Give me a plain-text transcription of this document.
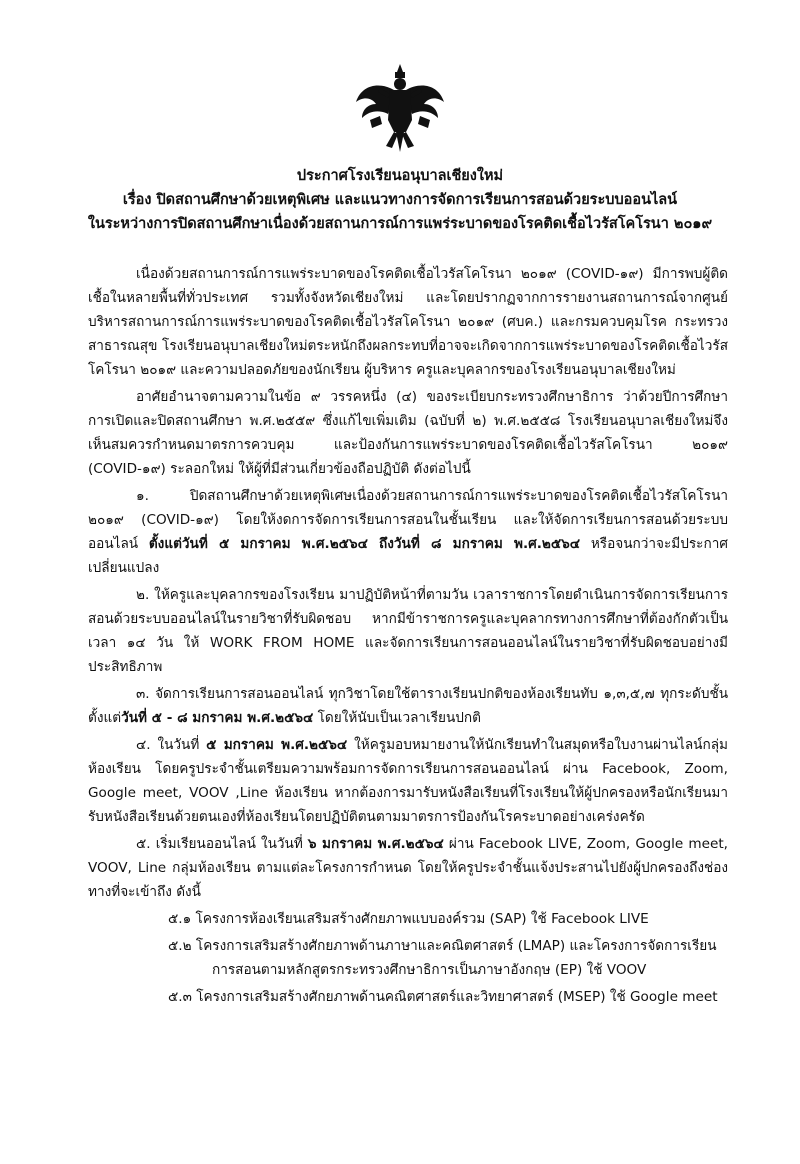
ประกาศโรงเรียนอนุบาลเชียงใหม่
เรื่อง ปิดสถานศึกษาด้วยเหตุพิเศษ และแนวทางการจัดการเรียนการสอนด้วยระบบออนไลน์
ในระหว่างการปิดสถานศึกษาเนื่องด้วยสถานการณ์การแพร่ระบาดของโรคติดเชื้อไวรัสโคโรนา ๒๐๑๙

เนื่องด้วยสถานการณ์การแพร่ระบาดของโรคติดเชื้อไวรัสโคโรนา ๒๐๑๙ (COVID-๑๙) มีการพบผู้ติดเชื้อในหลายพื้นที่ทั่วประเทศ รวมทั้งจังหวัดเชียงใหม่ และโดยปรากฏจากการรายงานสถานการณ์จากศูนย์บริหารสถานการณ์การแพร่ระบาดของโรคติดเชื้อไวรัสโคโรนา ๒๐๑๙ (ศบค.) และกรมควบคุมโรค กระทรวงสาธารณสุข โรงเรียนอนุบาลเชียงใหม่ตระหนักถึงผลกระทบที่อาจจะเกิดจากการแพร่ระบาดของโรคติดเชื้อไวรัสโคโรนา ๒๐๑๙ และความปลอดภัยของนักเรียน ผู้บริหาร ครูและบุคลากรของโรงเรียนอนุบาลเชียงใหม่

อาศัยอำนาจตามความในข้อ ๙ วรรคหนึ่ง (๔) ของระเบียบกระทรวงศึกษาธิการ ว่าด้วยปีการศึกษา การเปิดและปิดสถานศึกษา พ.ศ.๒๕๕๙ ซึ่งแก้ไขเพิ่มเติม (ฉบับที่ ๒) พ.ศ.๒๕๕๘ โรงเรียนอนุบาลเชียงใหม่จึงเห็นสมควรกำหนดมาตรการควบคุม และป้องกันการแพร่ระบาดของโรคติดเชื้อไวรัสโคโรนา ๒๐๑๙ (COVID-๑๙) ระลอกใหม่ ให้ผู้ที่มีส่วนเกี่ยวข้องถือปฏิบัติ ดังต่อไปนี้

๑. ปิดสถานศึกษาด้วยเหตุพิเศษเนื่องด้วยสถานการณ์การแพร่ระบาดของโรคติดเชื้อไวรัสโคโรนา ๒๐๑๙ (COVID-๑๙) โดยให้งดการจัดการเรียนการสอนในชั้นเรียน และให้จัดการเรียนการสอนด้วยระบบออนไลน์ ตั้งแต่วันที่ ๕ มกราคม พ.ศ.๒๕๖๔ ถึงวันที่ ๘ มกราคม พ.ศ.๒๕๖๔ หรือจนกว่าจะมีประกาศเปลี่ยนแปลง

๒. ให้ครูและบุคลากรของโรงเรียน มาปฏิบัติหน้าที่ตามวัน เวลาราชการโดยดำเนินการจัดการเรียนการสอนด้วยระบบออนไลน์ในรายวิชาที่รับผิดชอบ หากมีข้าราชการครูและบุคลากรทางการศึกษาที่ต้องกักตัวเป็นเวลา ๑๔ วัน ให้ WORK FROM HOME และจัดการเรียนการสอนออนไลน์ในรายวิชาที่รับผิดชอบอย่างมีประสิทธิภาพ

๓. จัดการเรียนการสอนออนไลน์ ทุกวิชาโดยใช้ตารางเรียนปกติของห้องเรียนทับ ๑,๓,๕,๗ ทุกระดับชั้น ตั้งแต่วันที่ ๕ - ๘ มกราคม พ.ศ.๒๕๖๔ โดยให้นับเป็นเวลาเรียนปกติ

๔. ในวันที่ ๕ มกราคม พ.ศ.๒๕๖๔ ให้ครูมอบหมายงานให้นักเรียนทำในสมุดหรือใบงานผ่านไลน์กลุ่มห้องเรียน โดยครูประจำชั้นเตรียมความพร้อมการจัดการเรียนการสอนออนไลน์ ผ่าน Facebook, Zoom, Google meet, VOOV ,Line ห้องเรียน หากต้องการมารับหนังสือเรียนที่โรงเรียนให้ผู้ปกครองหรือนักเรียนมารับหนังสือเรียนด้วยตนเองที่ห้องเรียนโดยปฏิบัติตนตามมาตรการป้องกันโรคระบาดอย่างเคร่งครัด

๕. เริ่มเรียนออนไลน์ ในวันที่ ๖ มกราคม พ.ศ.๒๕๖๔ ผ่าน Facebook LIVE, Zoom, Google meet, VOOV, Line กลุ่มห้องเรียน ตามแต่ละโครงการกำหนด โดยให้ครูประจำชั้นแจ้งประสานไปยังผู้ปกครองถึงช่องทางที่จะเข้าถึง ดังนี้

๕.๑ โครงการห้องเรียนเสริมสร้างศักยภาพแบบองค์รวม (SAP) ใช้ Facebook LIVE

๕.๒ โครงการเสริมสร้างศักยภาพด้านภาษาและคณิตศาสตร์ (LMAP) และโครงการจัดการเรียน
การสอนตามหลักสูตรกระทรวงศึกษาธิการเป็นภาษาอังกฤษ (EP) ใช้ VOOV

๕.๓ โครงการเสริมสร้างศักยภาพด้านคณิตศาสตร์และวิทยาศาสตร์ (MSEP) ใช้ Google meet
